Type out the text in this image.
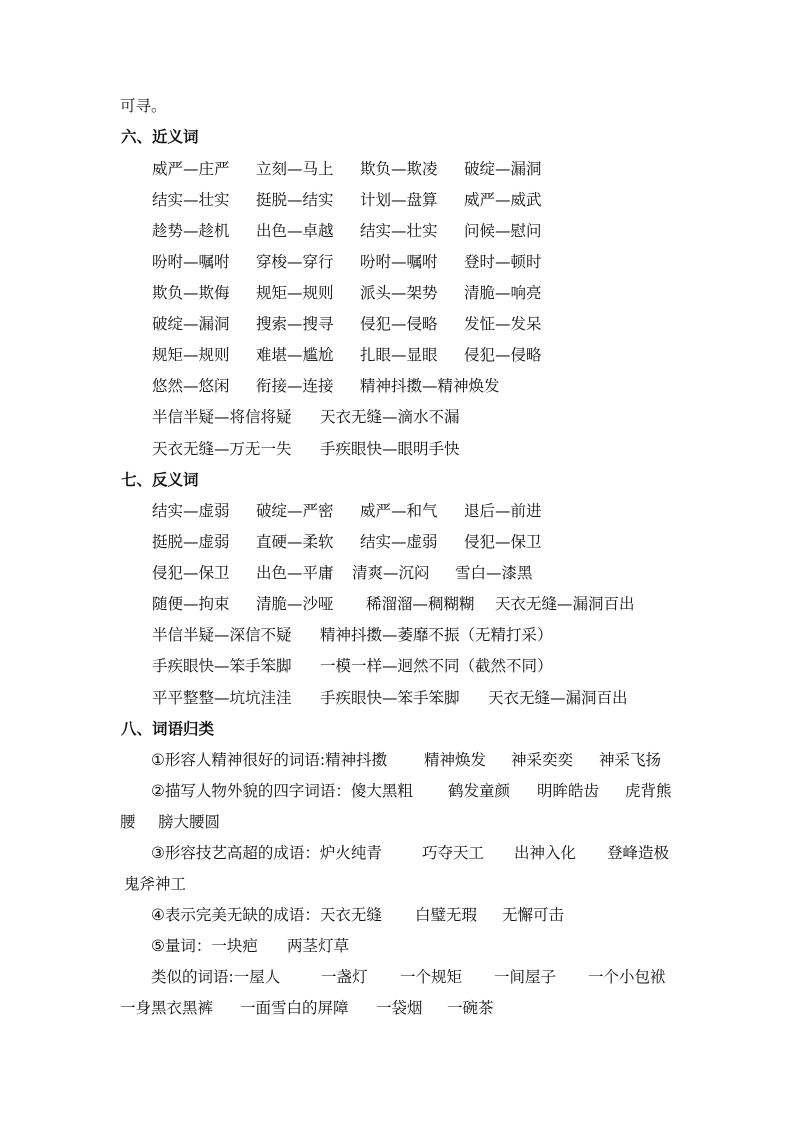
可寻。
六、近义词
威严—庄严 立刻—马上 欺负—欺凌 破绽—漏洞
结实—壮实 挺脱—结实 计划—盘算 威严—威武
趁势—趁机 出色—卓越 结实—壮实 问候—慰问
吩咐—嘱咐 穿梭—穿行 吩咐—嘱咐 登时—顿时
欺负—欺侮 规矩—规则 派头—架势 清脆—响亮
破绽—漏洞 搜索—搜寻 侵犯—侵略 发怔—发呆
规矩—规则 难堪—尴尬 扎眼—显眼 侵犯—侵略
悠然—悠闲 衔接—连接 精神抖擞—精神焕发
半信半疑—将信将疑 天衣无缝—滴水不漏
天衣无缝—万无一失 手疾眼快—眼明手快
七、反义词
结实—虚弱 破绽—严密 威严—和气 退后—前进
挺脱—虚弱 直硬—柔软 结实—虚弱 侵犯—保卫
侵犯—保卫 出色—平庸 清爽—沉闷 雪白—漆黑
随便—拘束 清脆—沙哑 稀溜溜—稠糊糊 天衣无缝—漏洞百出
半信半疑—深信不疑 精神抖擞—萎靡不振（无精打采）
手疾眼快—笨手笨脚 一模一样—迥然不同（截然不同）
平平整整—坑坑洼洼 手疾眼快—笨手笨脚 天衣无缝—漏洞百出
八、词语归类
①形容人精神很好的词语:精神抖擞 精神焕发 神采奕奕 神采飞扬
②描写人物外貌的四字词语：傻大黑粗 鹤发童颜 明眸皓齿 虎背熊
腰 膀大腰圆
③形容技艺高超的成语：炉火纯青	巧夺天工 出神入化 登峰造极
鬼斧神工
④表示完美无缺的成语：天衣无缝 白璧无瑕 无懈可击
⑤量词：一块疤 两茎灯草
类似的词语:一屋人	一盏灯 一个规矩 一间屋子 一个小包袱
一身黑衣黑裤 一面雪白的屏障 一袋烟 一碗茶
